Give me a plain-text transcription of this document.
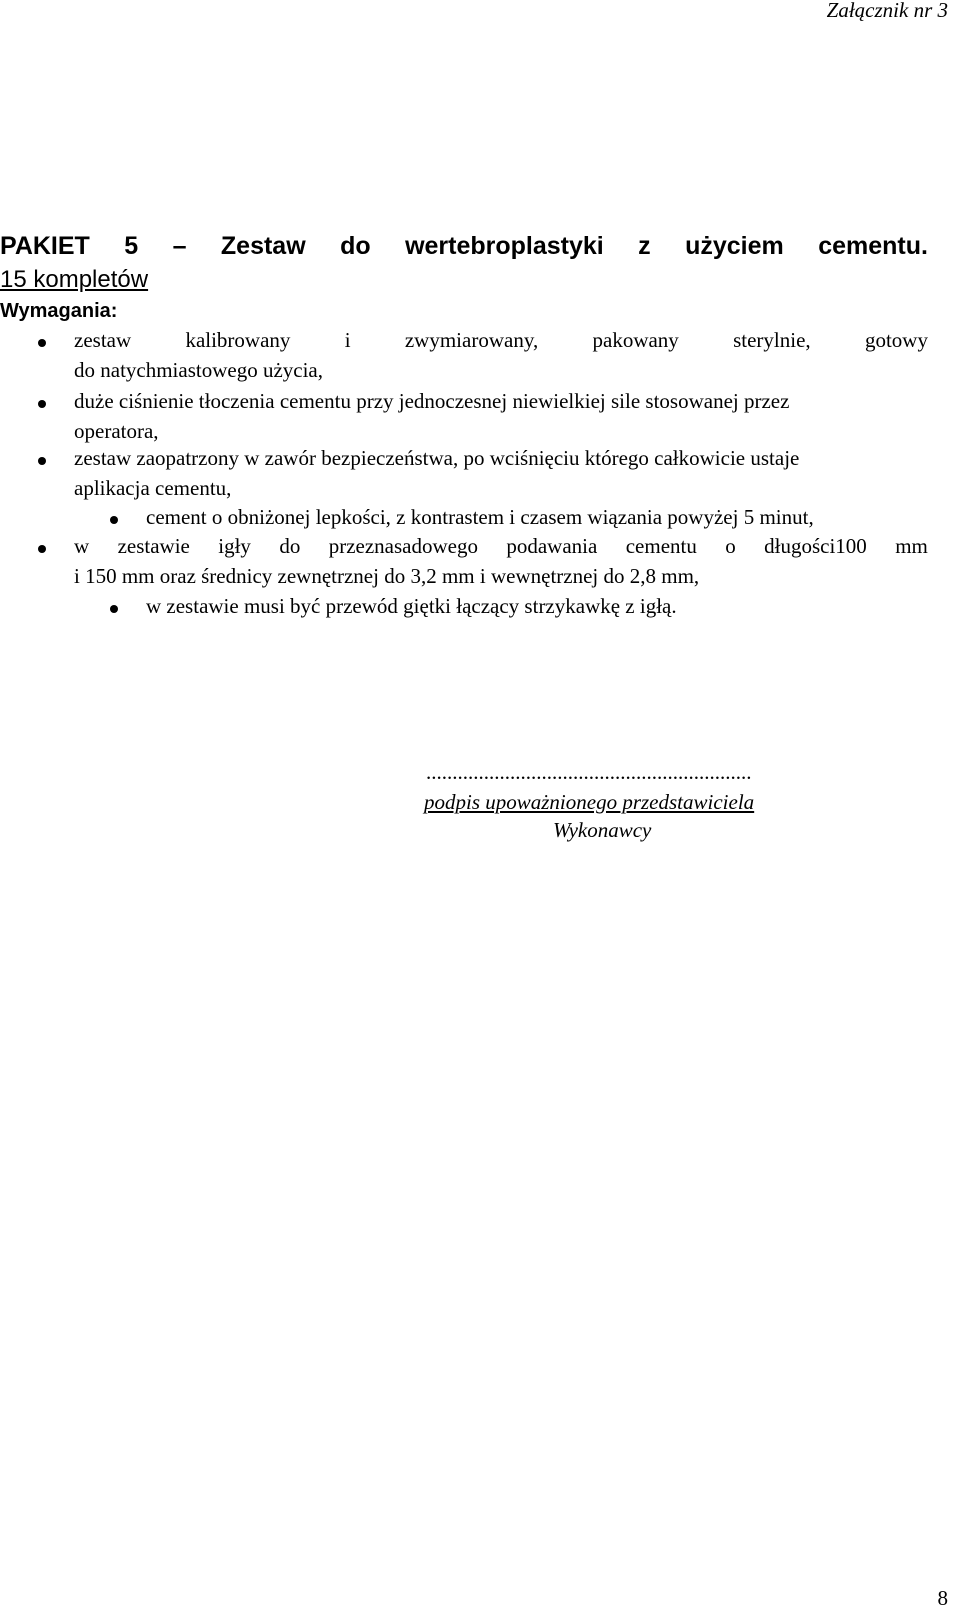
Załącznik nr 3
PAKIET 5 – Zestaw do wertebroplastyki z użyciem cementu.
15 kompletów
Wymagania:
zestaw	kalibrowany	i	zwymiarowany,	pakowany	sterylnie,	gotowy
do natychmiastowego użycia,
duże ciśnienie tłoczenia cementu przy jednoczesnej niewielkiej sile stosowanej przez
operatora,
zestaw zaopatrzony w zawór bezpieczeństwa, po wciśnięciu którego całkowicie ustaje
aplikacja cementu,
cement o obniżonej lepkości, z kontrastem i czasem wiązania powyżej 5 minut,
w zestawie igły do przeznasadowego podawania cementu o długości100 mm
i 150 mm oraz średnicy zewnętrznej do 3,2 mm i wewnętrznej do 2,8 mm,
w zestawie musi być przewód giętki łączący strzykawkę z igłą.
..............................................................
podpis upoważnionego przedstawiciela
Wykonawcy
8
